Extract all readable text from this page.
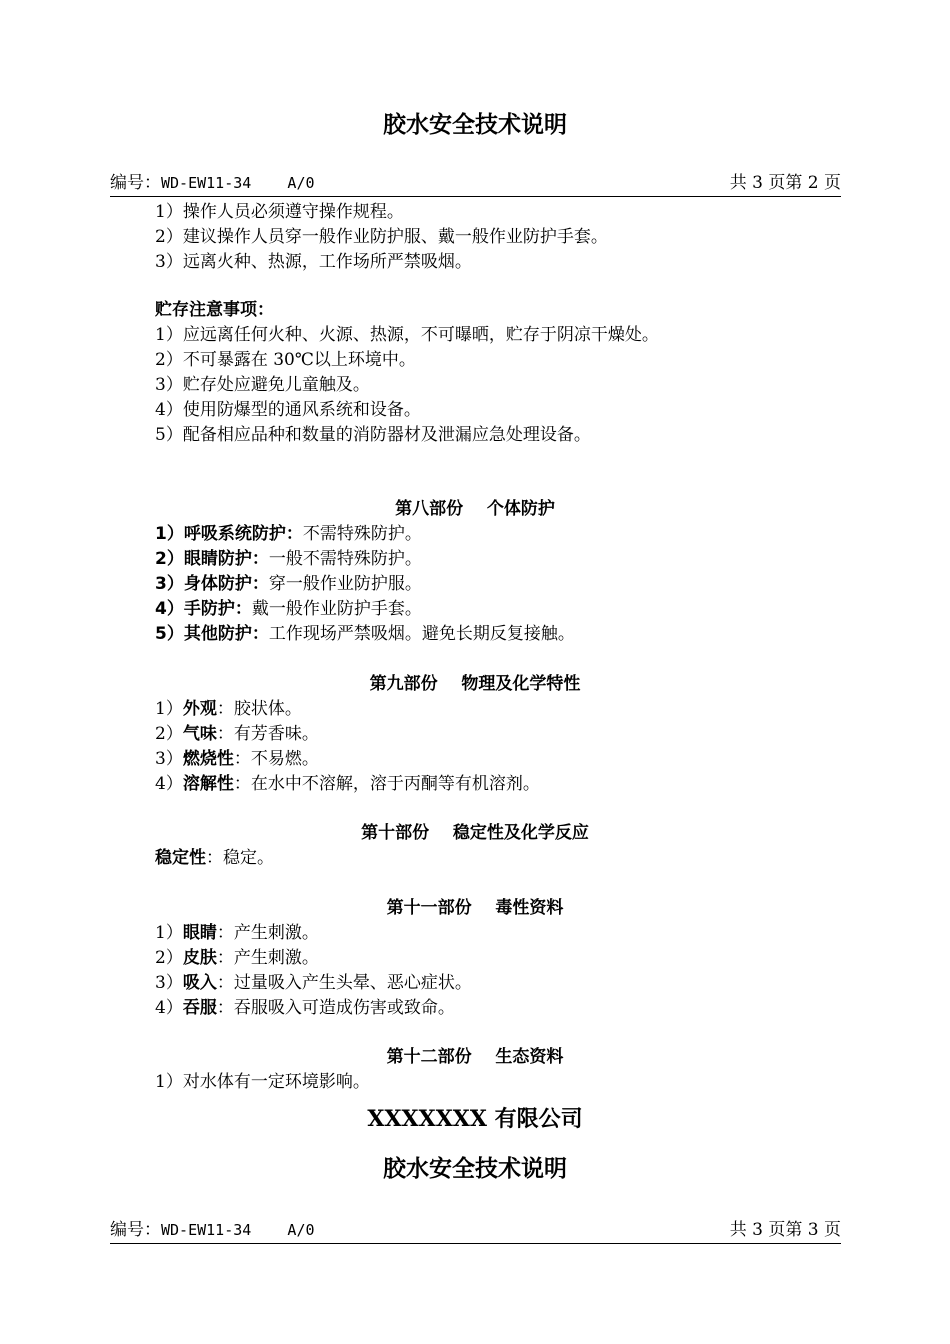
胶水安全技术说明
编号：WD-EW11-34    A/0	共 3 页第 2 页
1）操作人员必须遵守操作规程。
2）建议操作人员穿一般作业防护服、戴一般作业防护手套。
3）远离火种、热源，工作场所严禁吸烟。
贮存注意事项：
1）应远离任何火种、火源、热源，不可曝晒，贮存于阴凉干燥处。
2）不可暴露在 30℃以上环境中。
3）贮存处应避免儿童触及。
4）使用防爆型的通风系统和设备。
5）配备相应品种和数量的消防器材及泄漏应急处理设备。
第八部份    个体防护
1）呼吸系统防护：不需特殊防护。
2）眼睛防护：一般不需特殊防护。
3）身体防护：穿一般作业防护服。
4）手防护：戴一般作业防护手套。
5）其他防护：工作现场严禁吸烟。避免长期反复接触。
第九部份    物理及化学特性
1）外观：胶状体。
2）气味：有芳香味。
3）燃烧性：不易燃。
4）溶解性：在水中不溶解，溶于丙酮等有机溶剂。
第十部份    稳定性及化学反应
稳定性：稳定。
第十一部份    毒性资料
1）眼睛：产生刺激。
2）皮肤：产生刺激。
3）吸入：过量吸入产生头晕、恶心症状。
4）吞服：吞服吸入可造成伤害或致命。
第十二部份    生态资料
1）对水体有一定环境影响。
XXXXXXX 有限公司
胶水安全技术说明
编号：WD-EW11-34    A/0	共 3 页第 3 页
